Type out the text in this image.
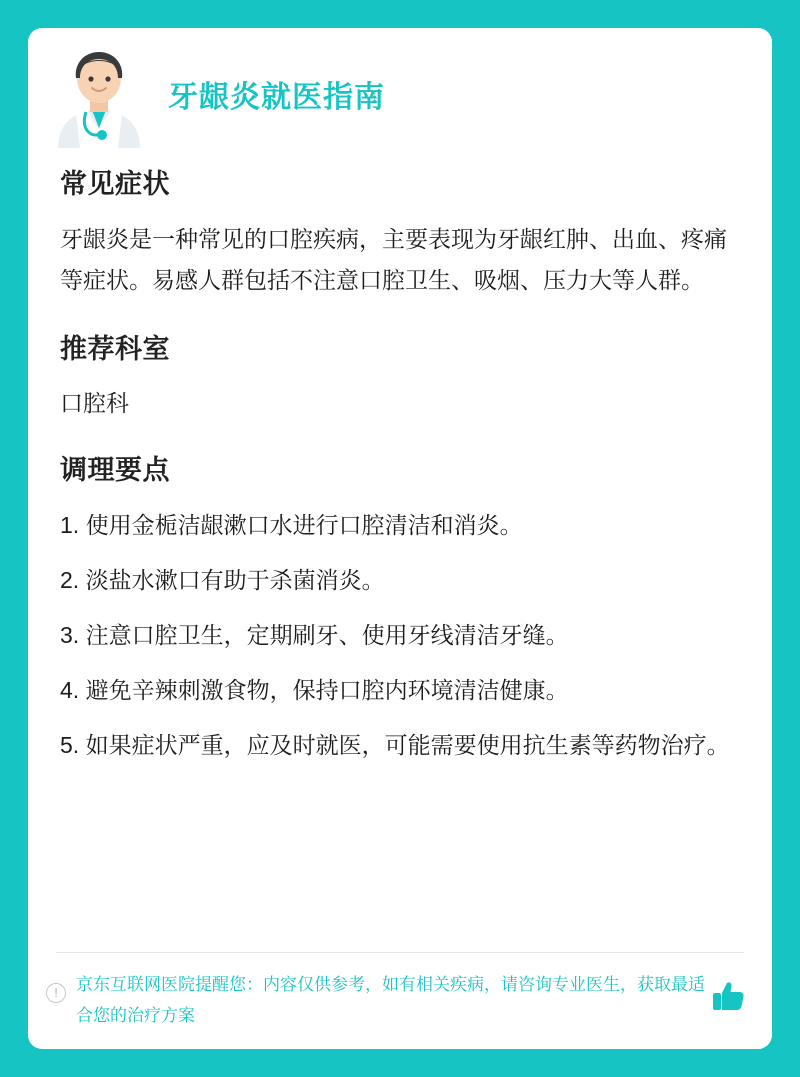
牙龈炎就医指南
常见症状

牙龈炎是一种常见的口腔疾病，主要表现为牙龈红肿、出血、疼痛等症状。易感人群包括不注意口腔卫生、吸烟、压力大等人群。

推荐科室

口腔科

调理要点
1. 使用金栀洁龈漱口水进行口腔清洁和消炎。
2. 淡盐水漱口有助于杀菌消炎。
3. 注意口腔卫生，定期刷牙、使用牙线清洁牙缝。
4. 避免辛辣刺激食物，保持口腔内环境清洁健康。
5. 如果症状严重，应及时就医，可能需要使用抗生素等药物治疗。
!	京东互联网医院提醒您：内容仅供参考，如有相关疾病，请咨询专业医生，获取最适合您的治疗方案
